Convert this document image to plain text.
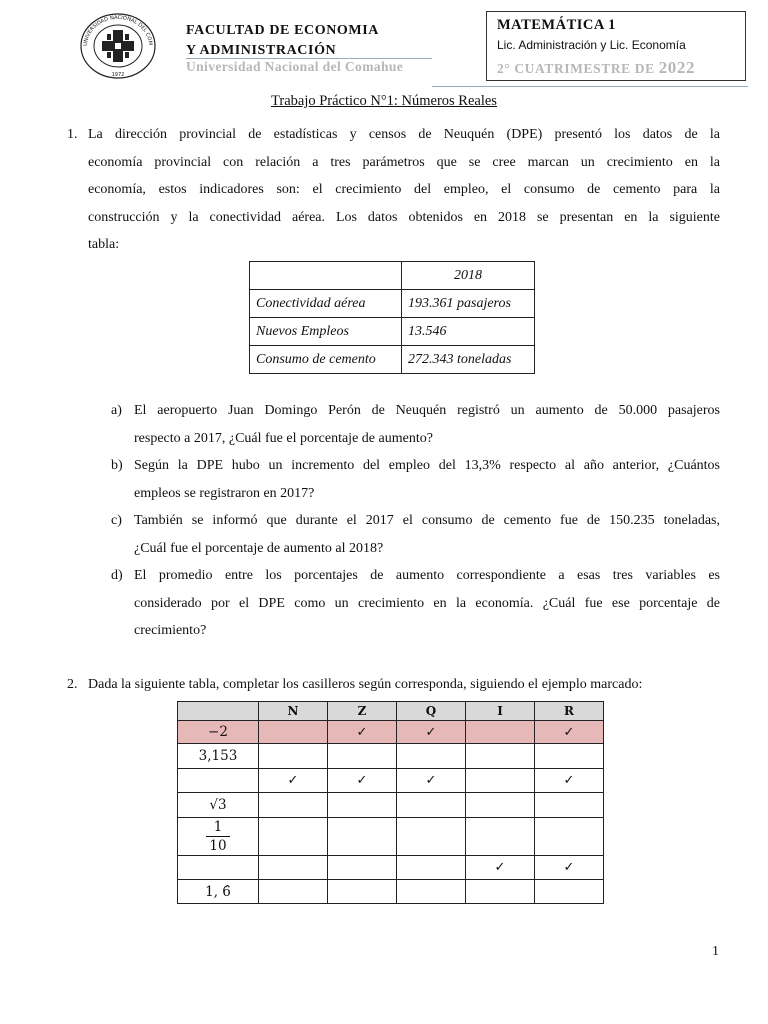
UNIVERSIDAD NACIONAL DEL COM
1972
FACULTAD DE ECONOMIA
Y ADMINISTRACIÓN
Universidad Nacional del Comahue
MATEMÁTICA 1
Lic. Administración y Lic. Economía
2° CUATRIMESTRE DE 2022
Trabajo Práctico N°1: Números Reales
1. La dirección provincial de estadísticas y censos de Neuquén (DPE) presentó los datos de la
economía provincial con relación a tres parámetros que se cree marcan un crecimiento en la
economía, estos indicadores son: el crecimiento del empleo, el consumo de cemento para la
construcción y la conectividad aérea. Los datos obtenidos en 2018 se presentan en la siguiente
tabla:
	2018
Conectividad aérea	193.361 pasajeros
Nuevos Empleos	13.546
Consumo de cemento	272.343 toneladas
a) El aeropuerto Juan Domingo Perón de Neuquén registró un aumento de 50.000 pasajeros
respecto a 2017, ¿Cuál fue el porcentaje de aumento?
b) Según la DPE hubo un incremento del empleo del 13,3% respecto al año anterior, ¿Cuántos
empleos se registraron en 2017?
c) También se informó que durante el 2017 el consumo de cemento fue de 150.235 toneladas,
¿Cuál fue el porcentaje de aumento al 2018?
d) El promedio entre los porcentajes de aumento correspondiente a esas tres variables es
considerado por el DPE como un crecimiento en la economía. ¿Cuál fue ese porcentaje de
crecimiento?
2. Dada la siguiente tabla, completar los casilleros según corresponda, siguiendo el ejemplo marcado:
	N	Z	Q	I	R
−2		✓	✓		✓
3,153					
	✓	✓	✓		✓
√3					

$\frac{1}{10}$

				✓	✓
1, 6̂					
1
